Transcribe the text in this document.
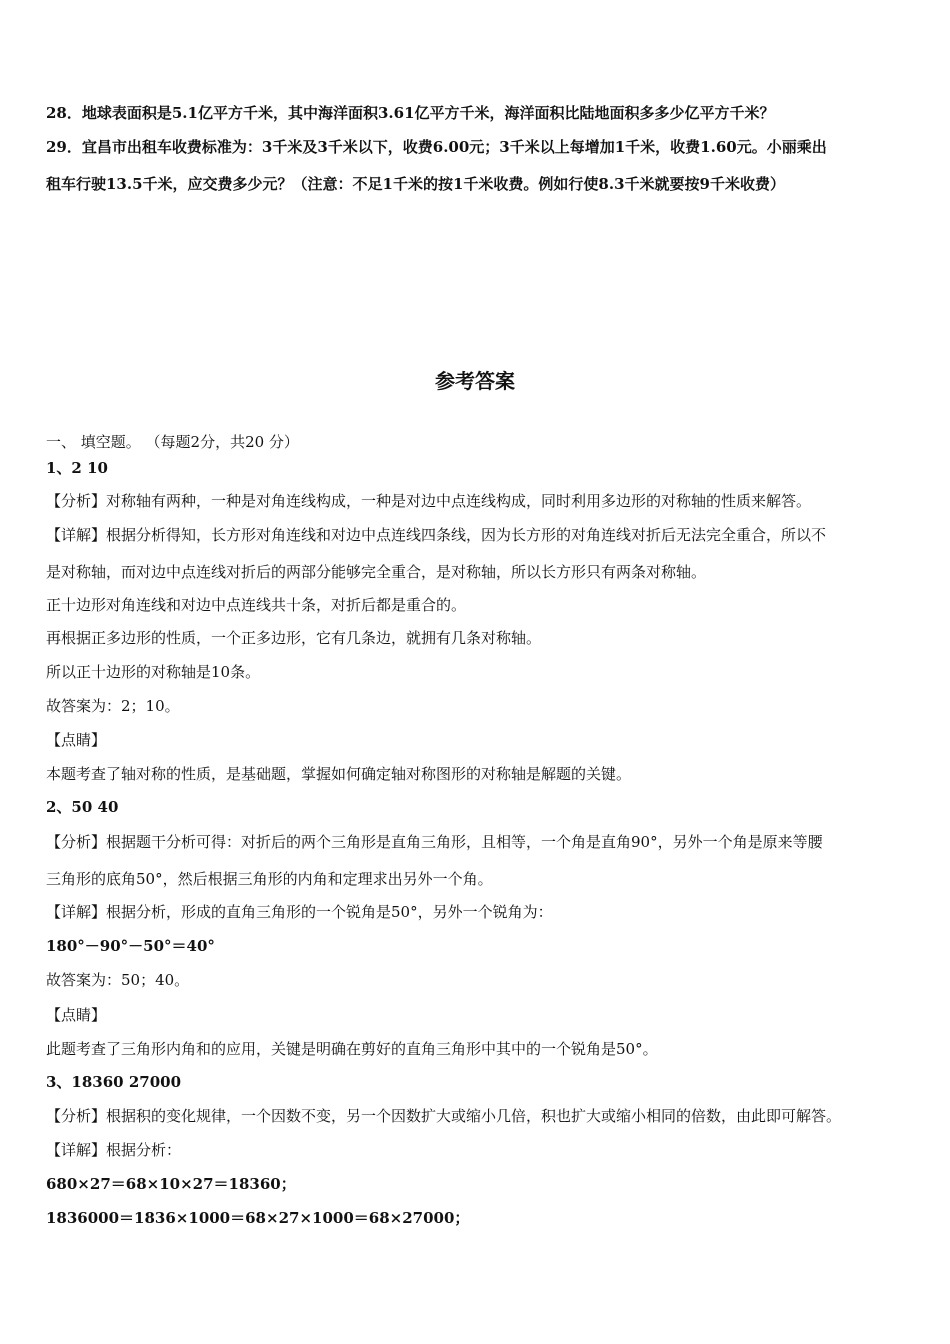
28．地球表面积是5.1亿平方千米，其中海洋面积3.61亿平方千米，海洋面积比陆地面积多多少亿平方千米？
29．宜昌市出租车收费标准为：3千米及3千米以下，收费6.00元；3千米以上每增加1千米，收费1.60元。小丽乘出
租车行驶13.5千米，应交费多少元？（注意：不足1千米的按1千米收费。例如行使8.3千米就要按9千米收费）
参考答案
一、 填空题。 （每题2分，共20 分）
1、2 10
【分析】对称轴有两种，一种是对角连线构成，一种是对边中点连线构成，同时利用多边形的对称轴的性质来解答。
【详解】根据分析得知，长方形对角连线和对边中点连线四条线，因为长方形的对角连线对折后无法完全重合，所以不
是对称轴，而对边中点连线对折后的两部分能够完全重合，是对称轴，所以长方形只有两条对称轴。
正十边形对角连线和对边中点连线共十条，对折后都是重合的。
再根据正多边形的性质，一个正多边形，它有几条边，就拥有几条对称轴。
所以正十边形的对称轴是10条。
故答案为：2；10。
【点睛】
本题考查了轴对称的性质，是基础题，掌握如何确定轴对称图形的对称轴是解题的关键。
2、50 40
【分析】根据题干分析可得：对折后的两个三角形是直角三角形，且相等，一个角是直角90°，另外一个角是原来等腰
三角形的底角50°，然后根据三角形的内角和定理求出另外一个角。
【详解】根据分析，形成的直角三角形的一个锐角是50°，另外一个锐角为：
180°－90°－50°＝40°
故答案为：50；40。
【点睛】
此题考查了三角形内角和的应用，关键是明确在剪好的直角三角形中其中的一个锐角是50°。
3、18360 27000
【分析】根据积的变化规律，一个因数不变，另一个因数扩大或缩小几倍，积也扩大或缩小相同的倍数，由此即可解答。
【详解】根据分析：
680×27＝68×10×27＝18360；
1836000＝1836×1000＝68×27×1000＝68×27000；
